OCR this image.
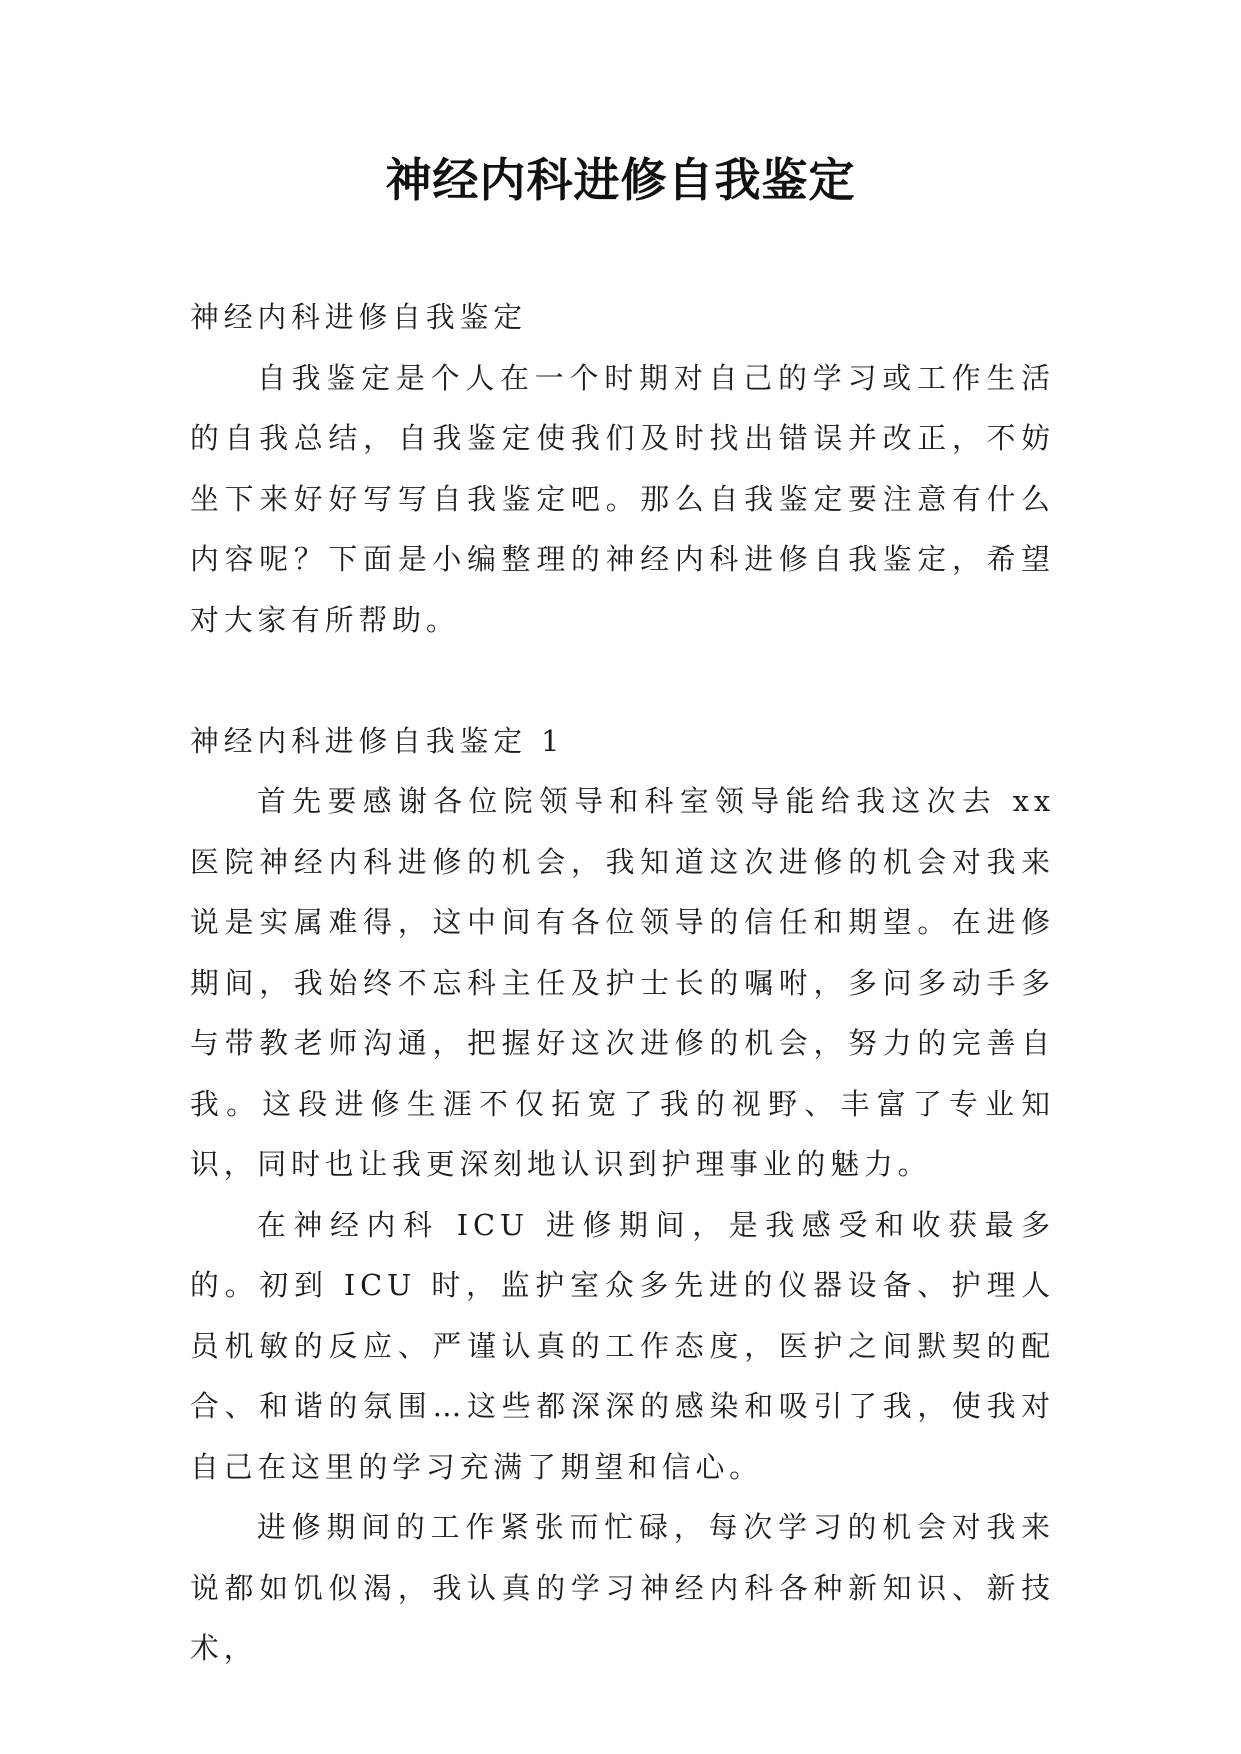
神经内科进修自我鉴定

神经内科进修自我鉴定

自我鉴定是个人在一个时期对自己的学习或工作生活的自我总结，自我鉴定使我们及时找出错误并改正，不妨坐下来好好写写自我鉴定吧。那么自我鉴定要注意有什么内容呢？下面是小编整理的神经内科进修自我鉴定，希望对大家有所帮助。

神经内科进修自我鉴定 1

首先要感谢各位院领导和科室领导能给我这次去 xx 医院神经内科进修的机会，我知道这次进修的机会对我来说是实属难得，这中间有各位领导的信任和期望。在进修期间，我始终不忘科主任及护士长的嘱咐，多问多动手多与带教老师沟通，把握好这次进修的机会，努力的完善自我。这段进修生涯不仅拓宽了我的视野、丰富了专业知识，同时也让我更深刻地认识到护理事业的魅力。

在神经内科 ICU 进修期间，是我感受和收获最多的。初到 ICU 时，监护室众多先进的仪器设备、护理人员机敏的反应、严谨认真的工作态度，医护之间默契的配合、和谐的氛围…这些都深深的感染和吸引了我，使我对自己在这里的学习充满了期望和信心。

进修期间的工作紧张而忙碌，每次学习的机会对我来说都如饥似渴，我认真的学习神经内科各种新知识、新技术，
